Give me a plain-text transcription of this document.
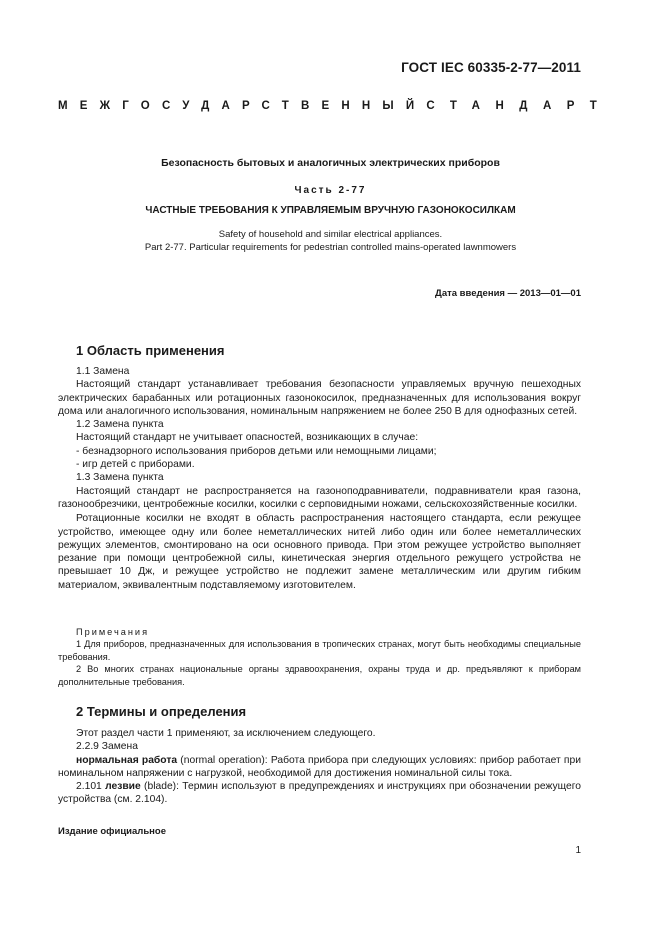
ГОСТ IEC 60335-2-77—2011
МЕЖГОСУДАРСТВЕННЫЙ СТАНДАРТ
Безопасность бытовых и аналогичных электрических приборов
Часть 2-77
ЧАСТНЫЕ ТРЕБОВАНИЯ К УПРАВЛЯЕМЫМ ВРУЧНУЮ ГАЗОНОКОСИЛКАМ
Safety of household and similar electrical appliances.
Part 2-77. Particular requirements for pedestrian controlled mains-operated lawnmowers
Дата введения — 2013—01—01
1 Область применения
1.1 Замена
Настоящий стандарт устанавливает требования безопасности управляемых вручную пешеходных электрических барабанных или ротационных газонокосилок, предназначенных для использования вокруг дома или аналогичного использования, номинальным напряжением не более 250 В для однофазных сетей.
1.2 Замена пункта
Настоящий стандарт не учитывает опасностей, возникающих в случае:
- безнадзорного использования приборов детьми или немощными лицами;
- игр детей с приборами.
1.3 Замена пункта
Настоящий стандарт не распространяется на газоноподравниватели, подравниватели края газона, газонообрезчики, центробежные косилки, косилки с серповидными ножами, сельскохозяйственные косилки.
Ротационные косилки не входят в область распространения настоящего стандарта, если режущее устройство, имеющее одну или более неметаллических нитей либо один или более неметаллических режущих элементов, смонтировано на оси основного привода. При этом режущее устройство выполняет резание при помощи центробежной силы, кинетическая энергия отдельного режущего устройства не превышает 10 Дж, и режущее устройство не подлежит замене металлическим или другим гибким материалом, эквивалентным подставляемому изготовителем.
Примечания
1 Для приборов, предназначенных для использования в тропических странах, могут быть необходимы специальные требования.
2 Во многих странах национальные органы здравоохранения, охраны труда и др. предъявляют к приборам дополнительные требования.
2 Термины и определения
Этот раздел части 1 применяют, за исключением следующего.
2.2.9 Замена
нормальная работа (normal operation): Работа прибора при следующих условиях: прибор работает при номинальном напряжении с нагрузкой, необходимой для достижения номинальной силы тока.
2.101 лезвие (blade): Термин используют в предупреждениях и инструкциях при обозначении режущего устройства (см. 2.104).
Издание официальное
1
